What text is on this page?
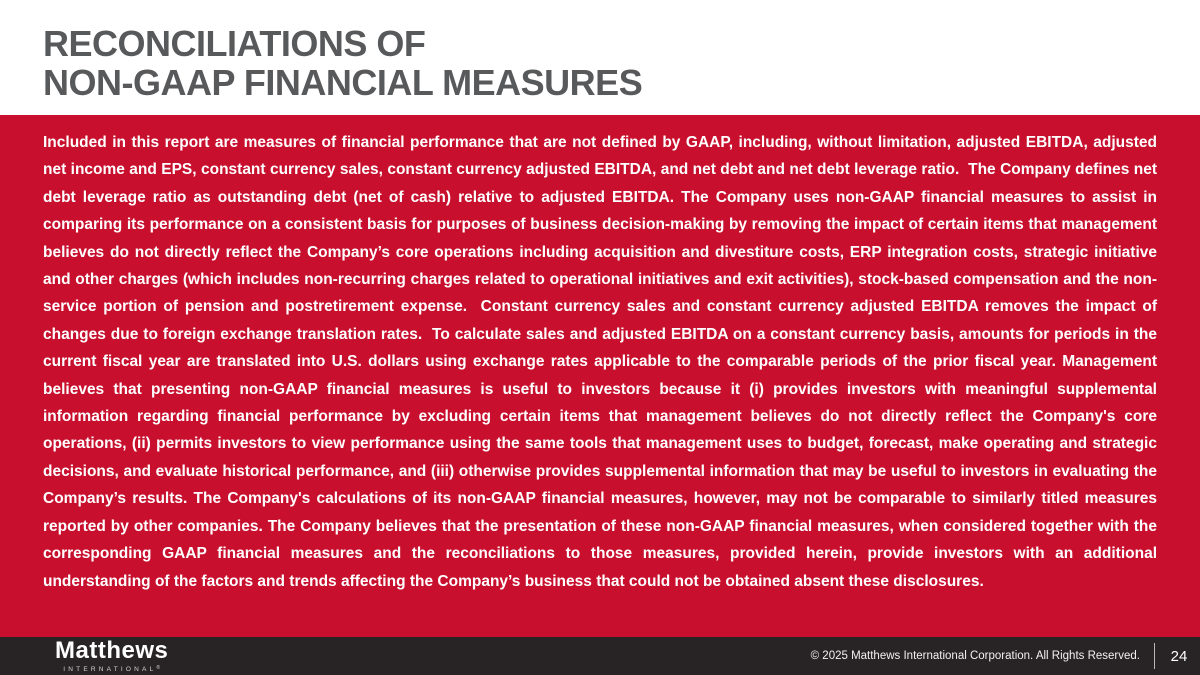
RECONCILIATIONS OF
NON-GAAP FINANCIAL MEASURES

Included in this report are measures of financial performance that are not defined by GAAP, including, without limitation, adjusted EBITDA, adjusted net income and EPS, constant currency sales, constant currency adjusted EBITDA, and net debt and net debt leverage ratio.  The Company defines net debt leverage ratio as outstanding debt (net of cash) relative to adjusted EBITDA. The Company uses non-GAAP financial measures to assist in comparing its performance on a consistent basis for purposes of business decision-making by removing the impact of certain items that management believes do not directly reflect the Company’s core operations including acquisition and divestiture costs, ERP integration costs, strategic initiative and other charges (which includes non-recurring charges related to operational initiatives and exit activities), stock-based compensation and the non-service portion of pension and postretirement expense.  Constant currency sales and constant currency adjusted EBITDA removes the impact of changes due to foreign exchange translation rates.  To calculate sales and adjusted EBITDA on a constant currency basis, amounts for periods in the current fiscal year are translated into U.S. dollars using exchange rates applicable to the comparable periods of the prior fiscal year. Management believes that presenting non-GAAP financial measures is useful to investors because it (i) provides investors with meaningful supplemental information regarding financial performance by excluding certain items that management believes do not directly reflect the Company's core operations, (ii) permits investors to view performance using the same tools that management uses to budget, forecast, make operating and strategic decisions, and evaluate historical performance, and (iii) otherwise provides supplemental information that may be useful to investors in evaluating the Company’s results. The Company's calculations of its non-GAAP financial measures, however, may not be comparable to similarly titled measures reported by other companies. The Company believes that the presentation of these non-GAAP financial measures, when considered together with the corresponding GAAP financial measures and the reconciliations to those measures, provided herein, provide investors with an additional understanding of the factors and trends affecting the Company’s business that could not be obtained absent these disclosures.

Matthews
INTERNATIONAL®
© 2025 Matthews International Corporation. All Rights Reserved. 24
